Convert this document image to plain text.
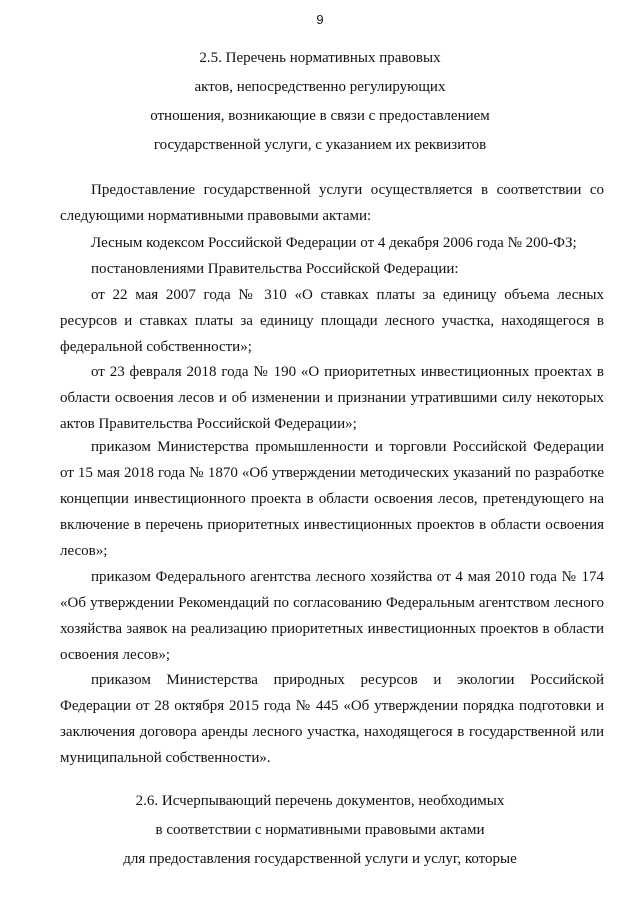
9
2.5. Перечень нормативных правовых
актов, непосредственно регулирующих
отношения, возникающие в связи с предоставлением
государственной услуги, с указанием их реквизитов

Предоставление государственной услуги осуществляется в соответствии со следующими нормативными правовыми актами:

Лесным кодексом Российской Федерации от 4 декабря 2006 года № 200-ФЗ;

постановлениями Правительства Российской Федерации:

от 22 мая 2007 года № 310 «О ставках платы за единицу объема лесных ресурсов и ставках платы за единицу площади лесного участка, находящегося в федеральной собственности»;

от 23 февраля 2018 года № 190 «О приоритетных инвестиционных проектах в области освоения лесов и об изменении и признании утратившими силу некоторых актов Правительства Российской Федерации»;

приказом Министерства промышленности и торговли Российской Федерации от 15 мая 2018 года № 1870 «Об утверждении методических указаний по разработке концепции инвестиционного проекта в области освоения лесов, претендующего на включение в перечень приоритетных инвестиционных проектов в области освоения лесов»;

приказом Федерального агентства лесного хозяйства от 4 мая 2010 года № 174 «Об утверждении Рекомендаций по согласованию Федеральным агентством лесного хозяйства заявок на реализацию приоритетных инвестиционных проектов в области освоения лесов»;

приказом Министерства природных ресурсов и экологии Российской Федерации от 28 октября 2015 года № 445 «Об утверждении порядка подготовки и заключения договора аренды лесного участка, находящегося в государственной или муниципальной собственности».

2.6. Исчерпывающий перечень документов, необходимых
в соответствии с нормативными правовыми актами
для предоставления государственной услуги и услуг, которые
